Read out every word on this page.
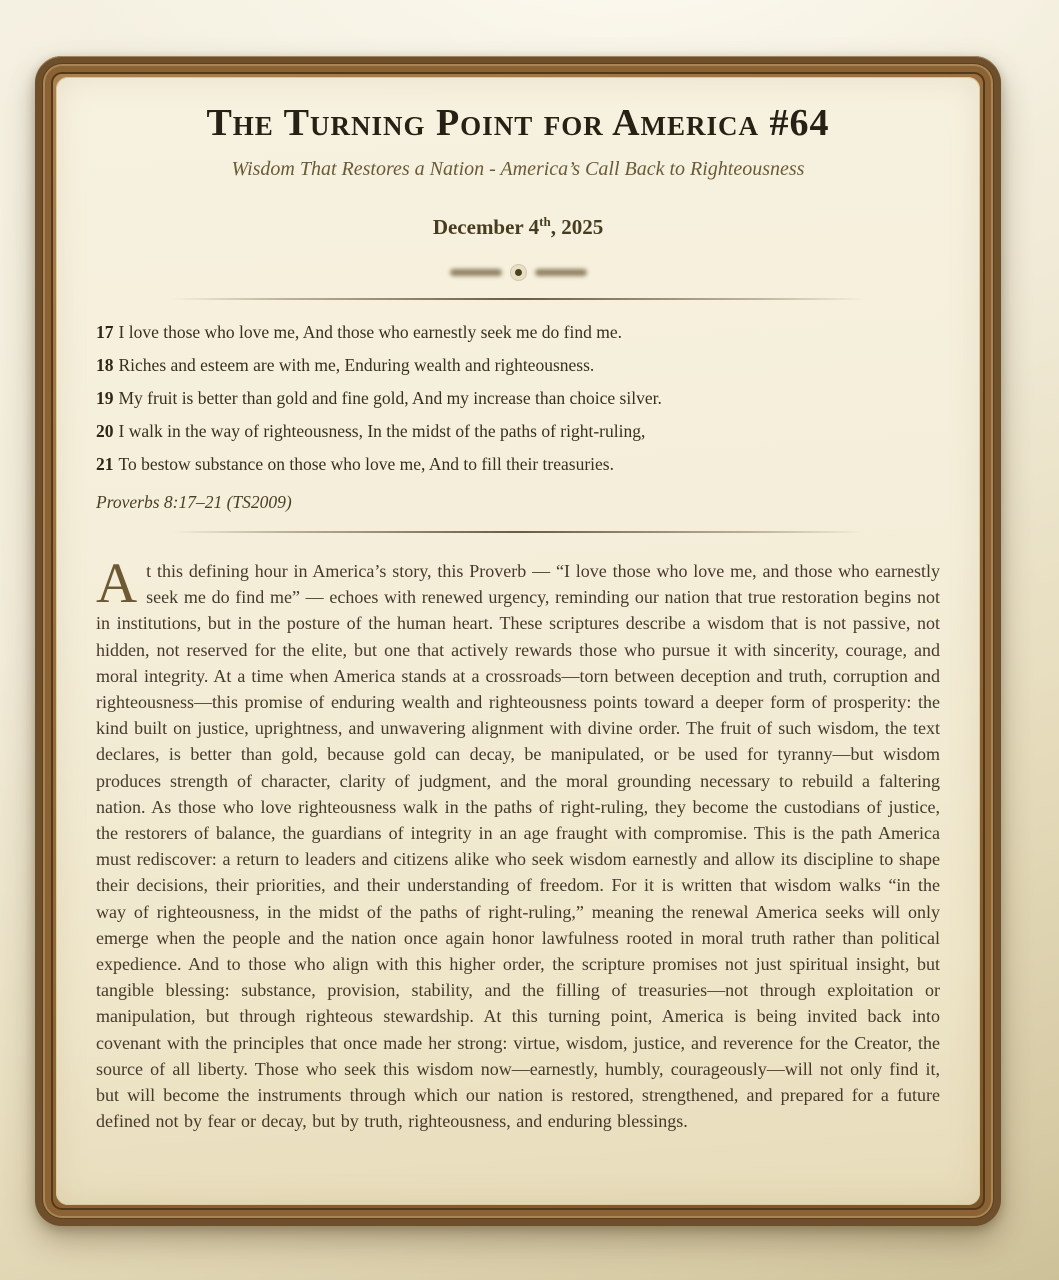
The Turning Point for America #64
Wisdom That Restores a Nation - America’s Call Back to Righteousness
December 4th, 2025
17 I love those who love me, And those who earnestly seek me do find me.
18 Riches and esteem are with me, Enduring wealth and righteousness.
19 My fruit is better than gold and fine gold, And my increase than choice silver.
20 I walk in the way of righteousness, In the midst of the paths of right-ruling,
21 To bestow substance on those who love me, And to fill their treasuries.
Proverbs 8:17–21 (TS2009)

At this defining hour in America’s story, this Proverb — “I love those who love me, and those who earnestly seek me do find me” — echoes with renewed urgency, reminding our nation that true restoration begins not in institutions, but in the posture of the human heart. These scriptures describe a wisdom that is not passive, not hidden, not reserved for the elite, but one that actively rewards those who pursue it with sincerity, courage, and moral integrity. At a time when America stands at a crossroads—torn between deception and truth, corruption and righteousness—this promise of enduring wealth and righteousness points toward a deeper form of prosperity: the kind built on justice, uprightness, and unwavering alignment with divine order. The fruit of such wisdom, the text declares, is better than gold, because gold can decay, be manipulated, or be used for tyranny—but wisdom produces strength of character, clarity of judgment, and the moral grounding necessary to rebuild a faltering nation. As those who love righteousness walk in the paths of right-ruling, they become the custodians of justice, the restorers of balance, the guardians of integrity in an age fraught with compromise. This is the path America must rediscover: a return to leaders and citizens alike who seek wisdom earnestly and allow its discipline to shape their decisions, their priorities, and their understanding of freedom. For it is written that wisdom walks “in the way of righteousness, in the midst of the paths of right-ruling,” meaning the renewal America seeks will only emerge when the people and the nation once again honor lawfulness rooted in moral truth rather than political expedience. And to those who align with this higher order, the scripture promises not just spiritual insight, but tangible blessing: substance, provision, stability, and the filling of treasuries—not through exploitation or manipulation, but through righteous stewardship. At this turning point, America is being invited back into covenant with the principles that once made her strong: virtue, wisdom, justice, and reverence for the Creator, the source of all liberty. Those who seek this wisdom now—earnestly, humbly, courageously—will not only find it, but will become the instruments through which our nation is restored, strengthened, and prepared for a future defined not by fear or decay, but by truth, righteousness, and enduring blessings.
